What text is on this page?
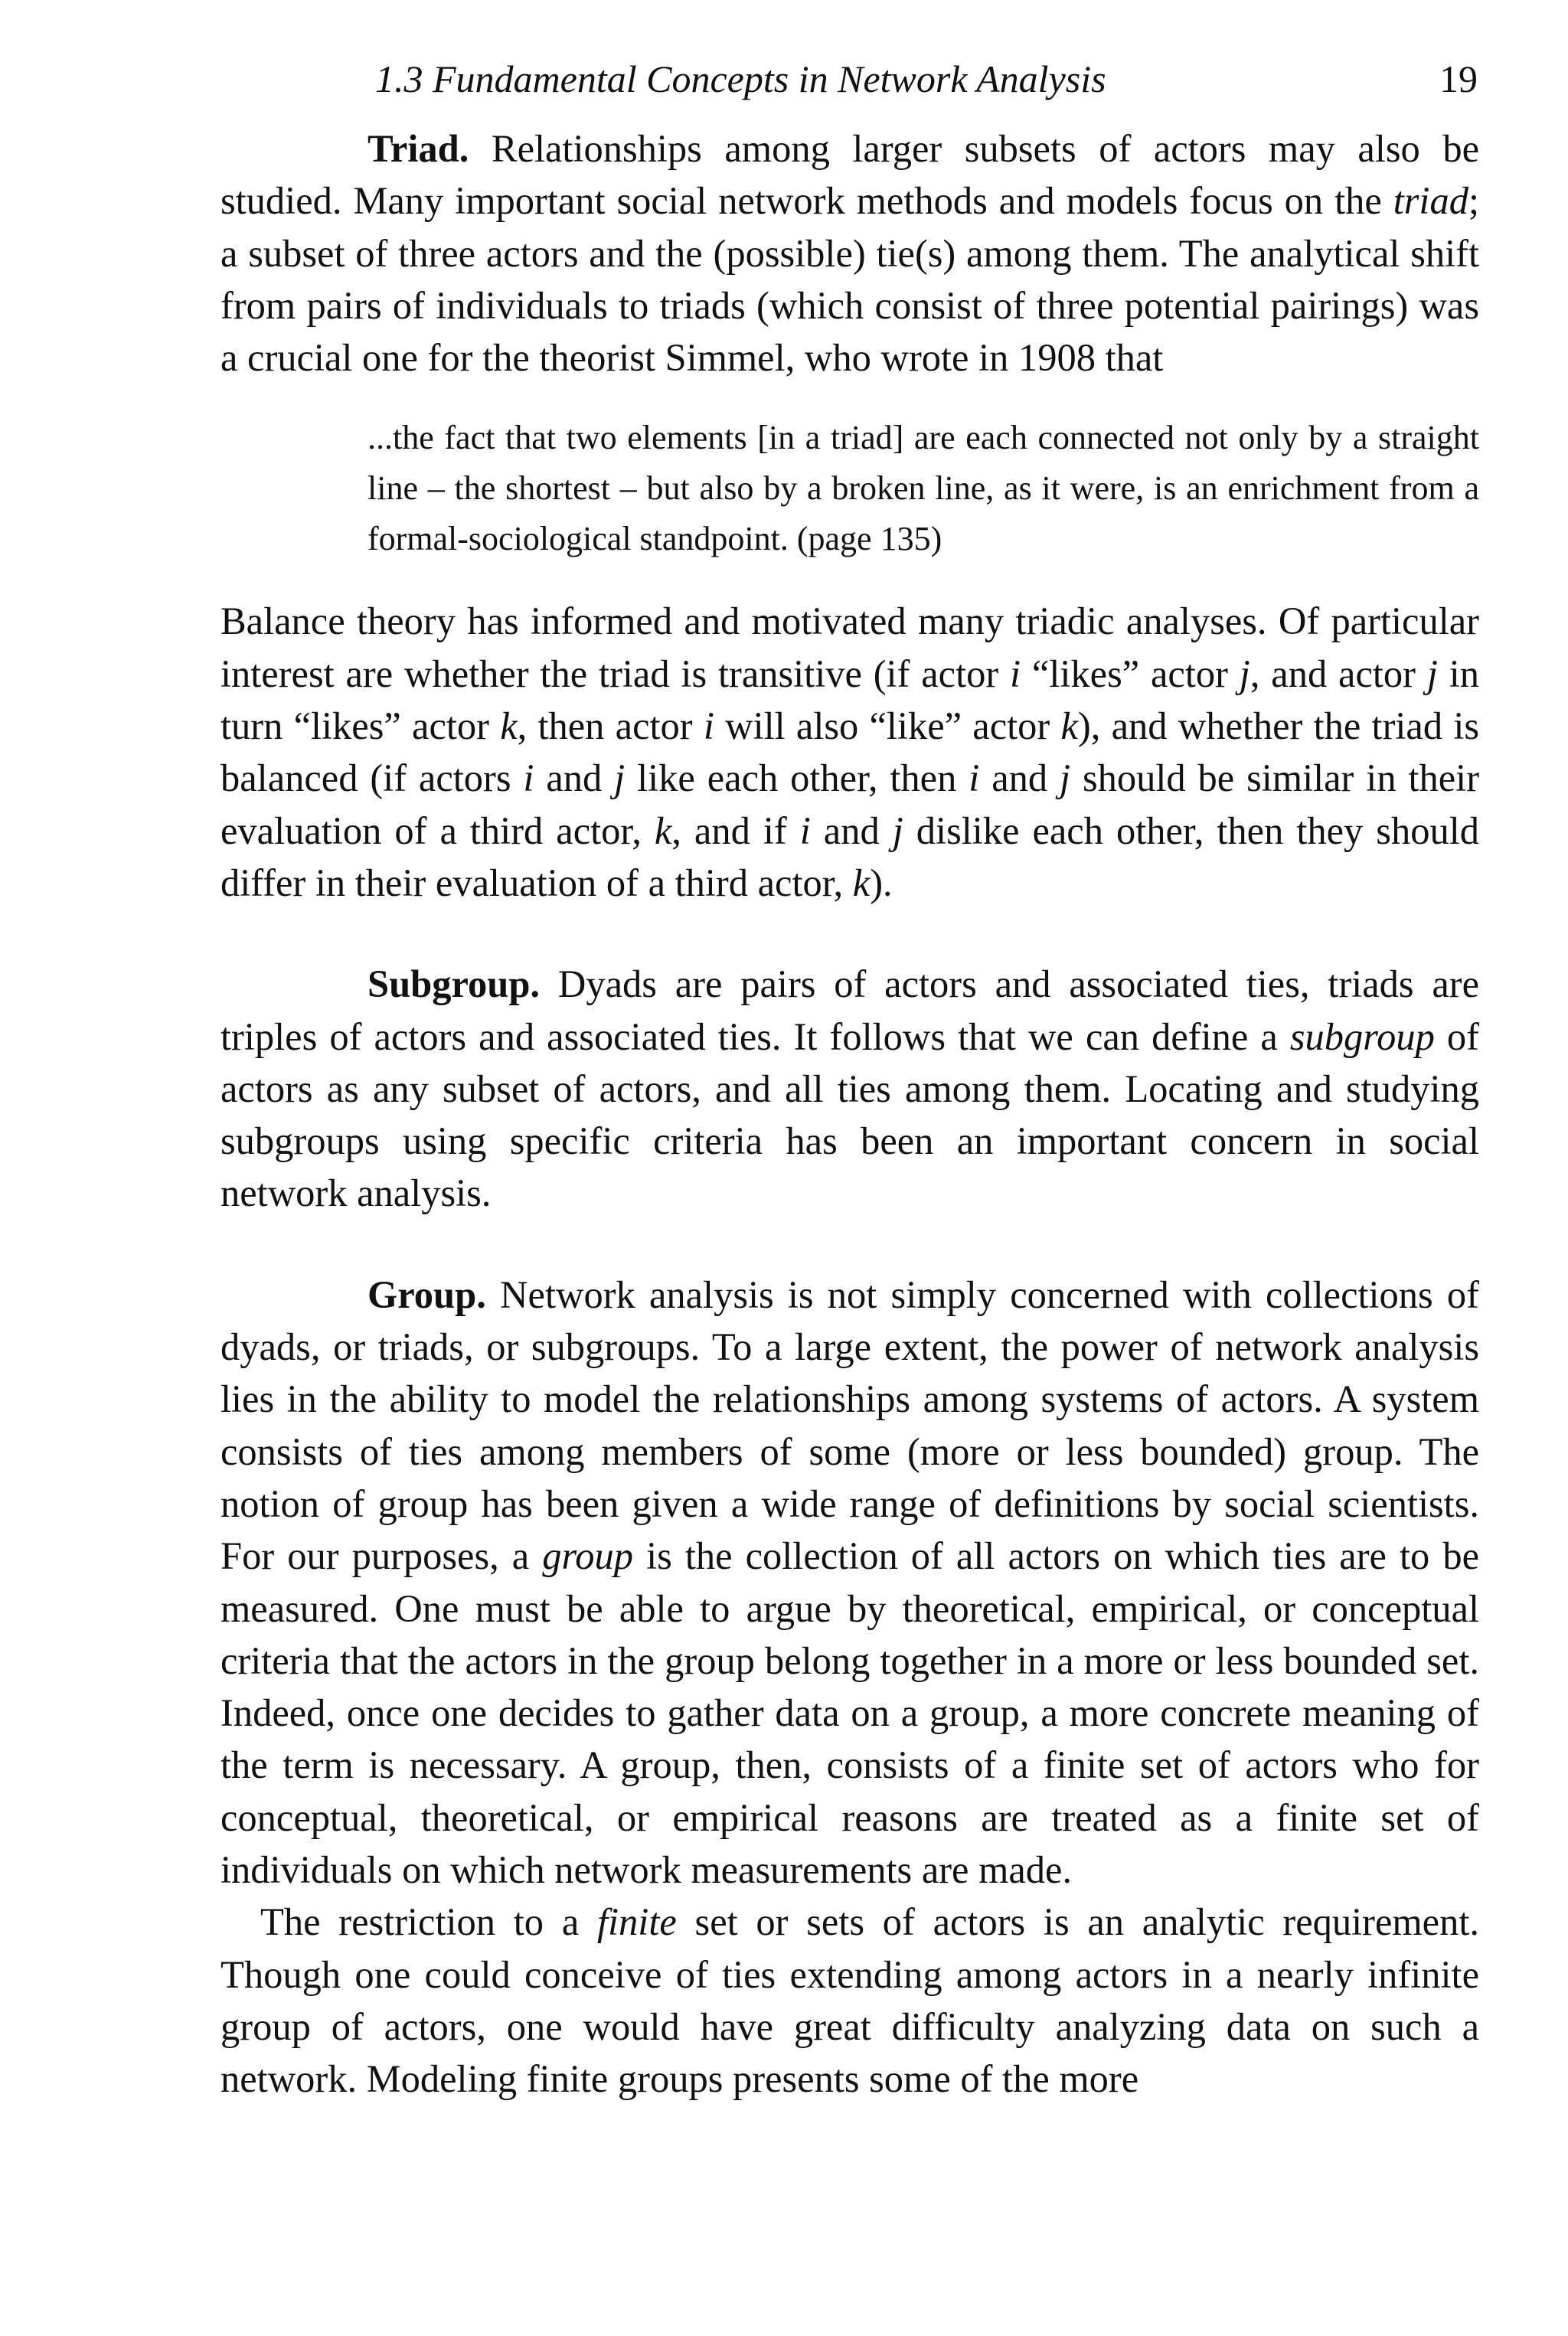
1.3 Fundamental Concepts in Network Analysis	19

Triad. Relationships among larger subsets of actors may also be studied. Many important social network methods and models focus on the triad; a subset of three actors and the (possible) tie(s) among them. The analytical shift from pairs of individuals to triads (which consist of three potential pairings) was a crucial one for the theorist Simmel, who wrote in 1908 that

...the fact that two elements [in a triad] are each connected not only by a straight line – the shortest – but also by a broken line, as it were, is an enrichment from a formal-sociological standpoint. (page 135)

Balance theory has informed and motivated many triadic analyses. Of particular interest are whether the triad is transitive (if actor i “likes” actor j, and actor j in turn “likes” actor k, then actor i will also “like” actor k), and whether the triad is balanced (if actors i and j like each other, then i and j should be similar in their evaluation of a third actor, k, and if i and j dislike each other, then they should differ in their evaluation of a third actor, k).

Subgroup. Dyads are pairs of actors and associated ties, triads are triples of actors and associated ties. It follows that we can define a subgroup of actors as any subset of actors, and all ties among them. Locating and studying subgroups using specific criteria has been an important concern in social network analysis.

Group. Network analysis is not simply concerned with collections of dyads, or triads, or subgroups. To a large extent, the power of network analysis lies in the ability to model the relationships among systems of actors. A system consists of ties among members of some (more or less bounded) group. The notion of group has been given a wide range of definitions by social scientists. For our purposes, a group is the collection of all actors on which ties are to be measured. One must be able to argue by theoretical, empirical, or conceptual criteria that the actors in the group belong together in a more or less bounded set. Indeed, once one decides to gather data on a group, a more concrete meaning of the term is necessary. A group, then, consists of a finite set of actors who for conceptual, theoretical, or empirical reasons are treated as a finite set of individuals on which network measurements are made.

The restriction to a finite set or sets of actors is an analytic requirement. Though one could conceive of ties extending among actors in a nearly infinite group of actors, one would have great difficulty analyzing data on such a network. Modeling finite groups presents some of the more
